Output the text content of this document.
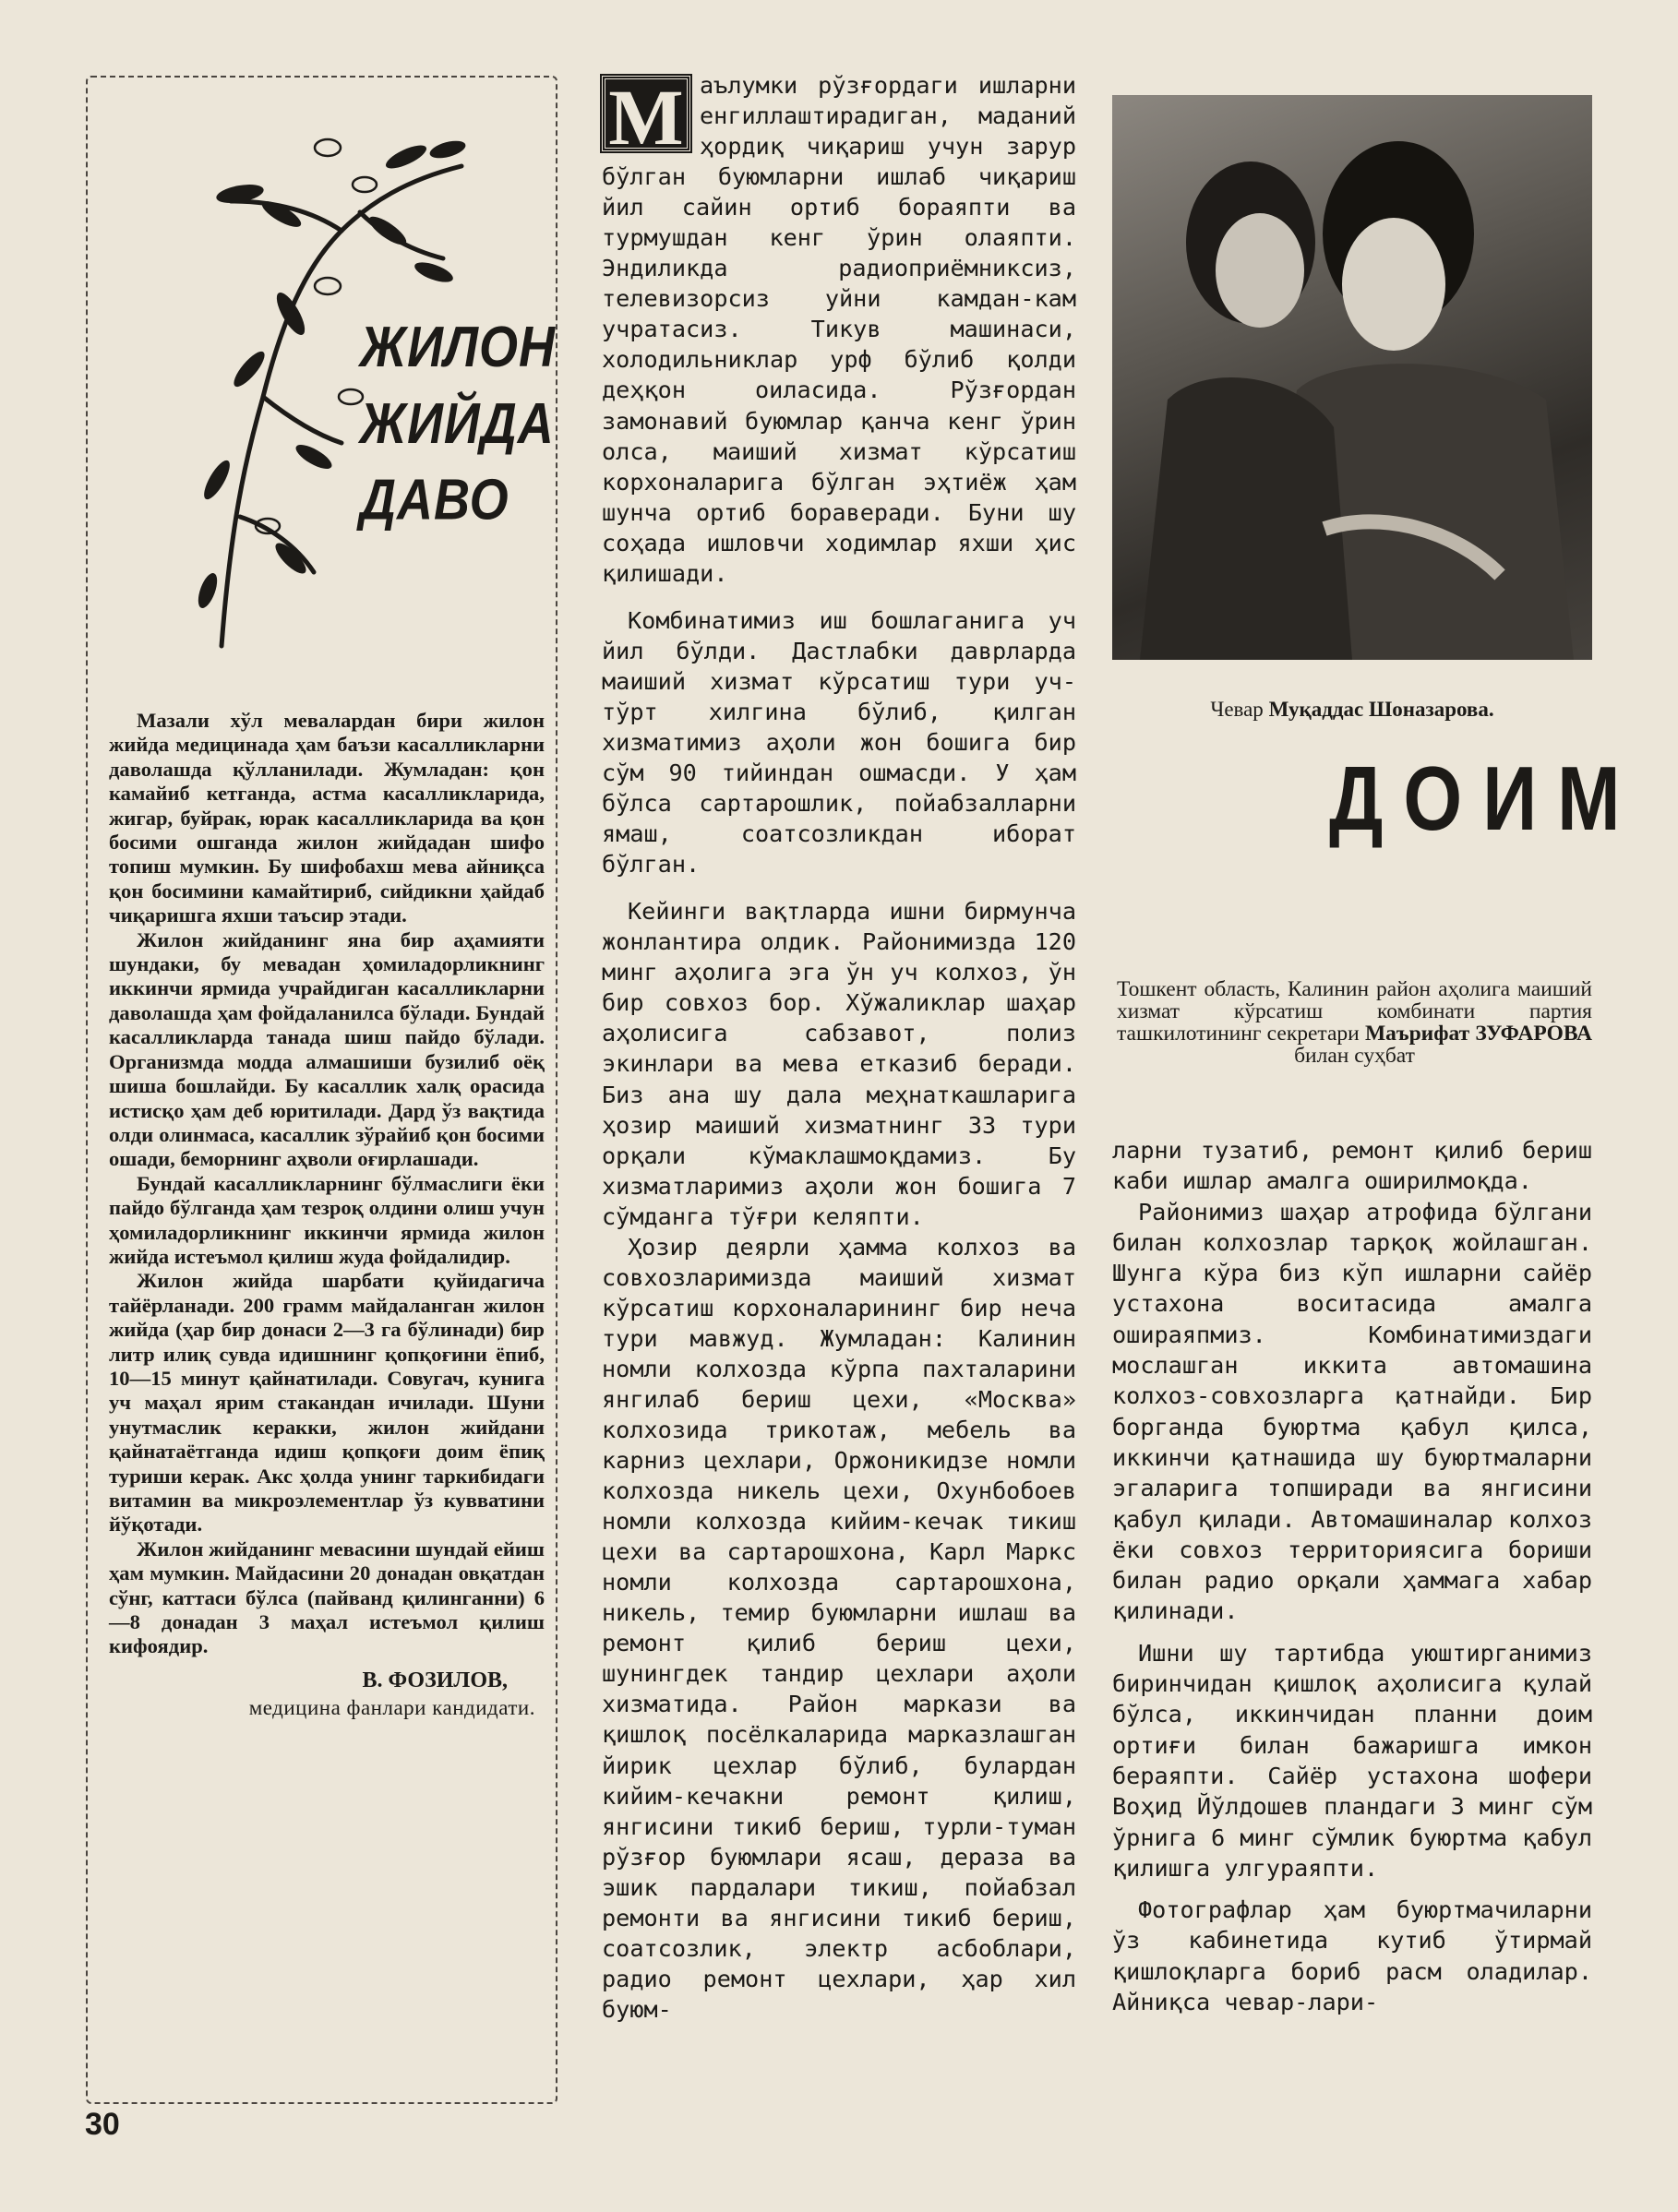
ЖИЛОН
ЖИЙДА
ДАВО

Мазали хўл мевалардан бири жилон жийда медицинада ҳам баъзи касалликларни даволашда қўлланилади. Жумладан: қон камайиб кетганда, астма касалликларида, жигар, буйрак, юрак касалликларида ва қон босими ошганда жилон жийдадан шифо топиш мумкин. Бу шифобахш мева айниқса қон босимини камайтириб, сийдикни ҳайдаб чиқаришга яхши таъсир этади.

Жилон жийданинг яна бир аҳамияти шундаки, бу мевадан ҳомиладорликнинг иккинчи ярмида учрайдиган касалликларни даволашда ҳам фойдаланилса бўлади. Бундай касалликларда танада шиш пайдо бўлади. Организмда модда алмашиши бузилиб оёқ шиша бошлайди. Бу касаллик халқ орасида истисқо ҳам деб юритилади. Дард ўз вақтида олди олинмаса, касаллик зўрайиб қон босими ошади, беморнинг аҳволи оғирлашади.

Бундай касалликларнинг бўлмаслиги ёки пайдо бўлганда ҳам тезроқ олдини олиш учун ҳомиладорликнинг иккинчи ярмида жилон жийда истеъмол қилиш жуда фойдалидир.

Жилон жийда шарбати қуйидагича тайёрланади. 200 грамм майдаланган жилон жийда (ҳар бир донаси 2—3 га бўлинади) бир литр илиқ сувда идишнинг қопқоғини ёпиб, 10—15 минут қайнатилади. Совугач, кунига уч маҳал ярим стакандан ичилади. Шуни унутмаслик керакки, жилон жийдани қайнатаётганда идиш қопқоғи доим ёпиқ туриши керак. Акс ҳолда унинг таркибидаги витамин ва микроэлементлар ўз кувватини йўқотади.

Жилон жийданинг мевасини шундай ейиш ҳам мумкин. Майдасини 20 донадан овқатдан сўнг, каттаси бўлса (пайванд қилинганни) 6—8 донадан 3 маҳал истеъмол қилиш кифоядир.

В. ФОЗИЛОВ,
медицина фанлари кандидати.

М аълумки рўзғордаги ишларни енгиллаштирадиган, маданий ҳордиқ чиқариш учун зарур бўлган буюмларни ишлаб чиқариш йил сайин ортиб бораяпти ва турмушдан кенг ўрин олаяпти. Эндиликда радиоприёмниксиз, телевизорсиз уйни камдан-кам учратасиз. Тикув машинаси, холодильниклар урф бўлиб қолди деҳқон оиласида. Рўзғордан замонавий буюмлар қанча кенг ўрин олса, маиший хизмат кўрсатиш корхоналарига бўлган эҳтиёж ҳам шунча ортиб бораверади. Буни шу соҳада ишловчи ходимлар яхши ҳис қилишади.

Комбинатимиз иш бошлаганига уч йил бўлди. Дастлабки даврларда маиший хизмат кўрсатиш тури уч-тўрт хилгина бўлиб, қилган хизматимиз аҳоли жон бошига бир сўм 90 тийиндан ошмасди. У ҳам бўлса сартарошлик, пойабзалларни ямаш, соатсозликдан иборат бўлган.

Кейинги вақтларда ишни бирмунча жонлантира олдик. Районимизда 120 минг аҳолига эга ўн уч колхоз, ўн бир совхоз бор. Хўжаликлар шаҳар аҳолисига сабзавот, полиз экинлари ва мева етказиб беради. Биз ана шу дала меҳнаткашларига ҳозир маиший хизматнинг 33 тури орқали кўмаклашмоқдамиз. Бу хизматларимиз аҳоли жон бошига 7 сўмданга тўғри келяпти.

Ҳозир деярли ҳамма колхоз ва совхозларимизда маиший хизмат кўрсатиш корхоналарининг бир неча тури мавжуд. Жумладан: Калинин номли колхозда кўрпа пахталарини янгилаб бериш цехи, «Москва» колхозида трикотаж, мебель ва карниз цехлари, Оржоникидзе номли колхозда никель цехи, Охунбобоев номли колхозда кийим-кечак тикиш цехи ва сартарошхона, Карл Маркс номли колхозда сартарошхона, никель, темир буюмларни ишлаш ва ремонт қилиб бериш цехи, шунингдек тандир цехлари аҳоли хизматида. Район маркази ва қишлоқ посёлкаларида марказлашган йирик цехлар бўлиб, булардан кийим-кечакни ремонт қилиш, янгисини тикиб бериш, турли-туман рўзғор буюмлари ясаш, дераза ва эшик пардалари тикиш, пойабзал ремонти ва янгисини тикиб бериш, соатсозлик, электр асбоблари, радио ремонт цехлари, ҳар хил буюм-

Чевар Муқаддас Шоназарова.
ДОИМ
Тошкент область, Калинин район аҳолига маиший хизмат кўрсатиш комбинати партия ташкилотининг секретари Маърифат ЗУФАРОВА билан суҳбат

ларни тузатиб, ремонт қилиб бериш каби ишлар амалга оширилмоқда.

Районимиз шаҳар атрофида бўлгани билан колхозлар тарқоқ жойлашган. Шунга кўра биз кўп ишларни сайёр устахона воситасида амалга ошираяпмиз. Комбинатимиздаги мослашган иккита автомашина колхоз-совхозларга қатнайди. Бир борганда буюртма қабул қилса, иккинчи қатнашида шу буюртмаларни эгаларига топширади ва янгисини қабул қилади. Автомашиналар колхоз ёки совхоз территориясига бориши билан радио орқали ҳаммага хабар қилинади.

Ишни шу тартибда уюштирганимиз биринчидан қишлоқ аҳолисига қулай бўлса, иккинчидан планни доим ортиғи билан бажаришга имкон бераяпти. Сайёр устахона шофери Воҳид Йўлдошев пландаги 3 минг сўм ўрнига 6 минг сўмлик буюртма қабул қилишга улгураяпти.

Фотографлар ҳам буюртмачиларни ўз кабинетида кутиб ўтирмай қишлоқларга бориб расм оладилар. Айниқса чевар-лари-

30
